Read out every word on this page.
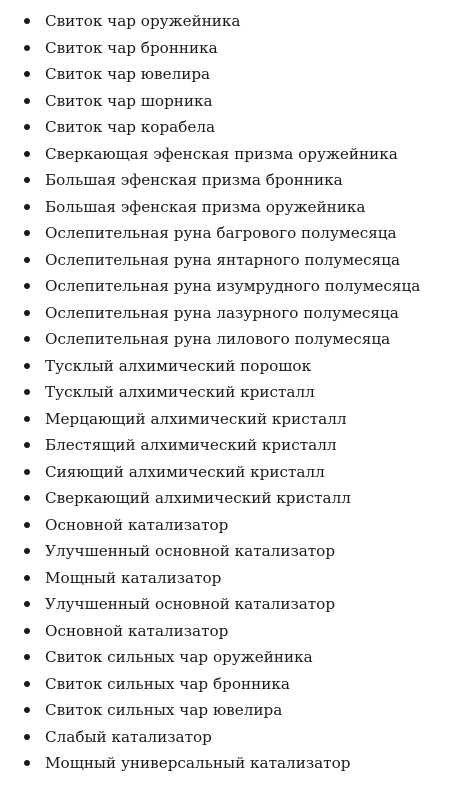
Свиток чар оружейника
Свиток чар бронника
Свиток чар ювелира
Свиток чар шорника
Свиток чар корабела
Сверкающая эфенская призма оружейника
Большая эфенская призма бронника
Большая эфенская призма оружейника
Ослепительная руна багрового полумесяца
Ослепительная руна янтарного полумесяца
Ослепительная руна изумрудного полумесяца
Ослепительная руна лазурного полумесяца
Ослепительная руна лилового полумесяца
Тусклый алхимический порошок
Тусклый алхимический кристалл
Мерцающий алхимический кристалл
Блестящий алхимический кристалл
Сияющий алхимический кристалл
Сверкающий алхимический кристалл
Основной катализатор
Улучшенный основной катализатор
Мощный катализатор
Улучшенный основной катализатор
Основной катализатор
Свиток сильных чар оружейника
Свиток сильных чар бронника
Свиток сильных чар ювелира
Слабый катализатор
Мощный универсальный катализатор
